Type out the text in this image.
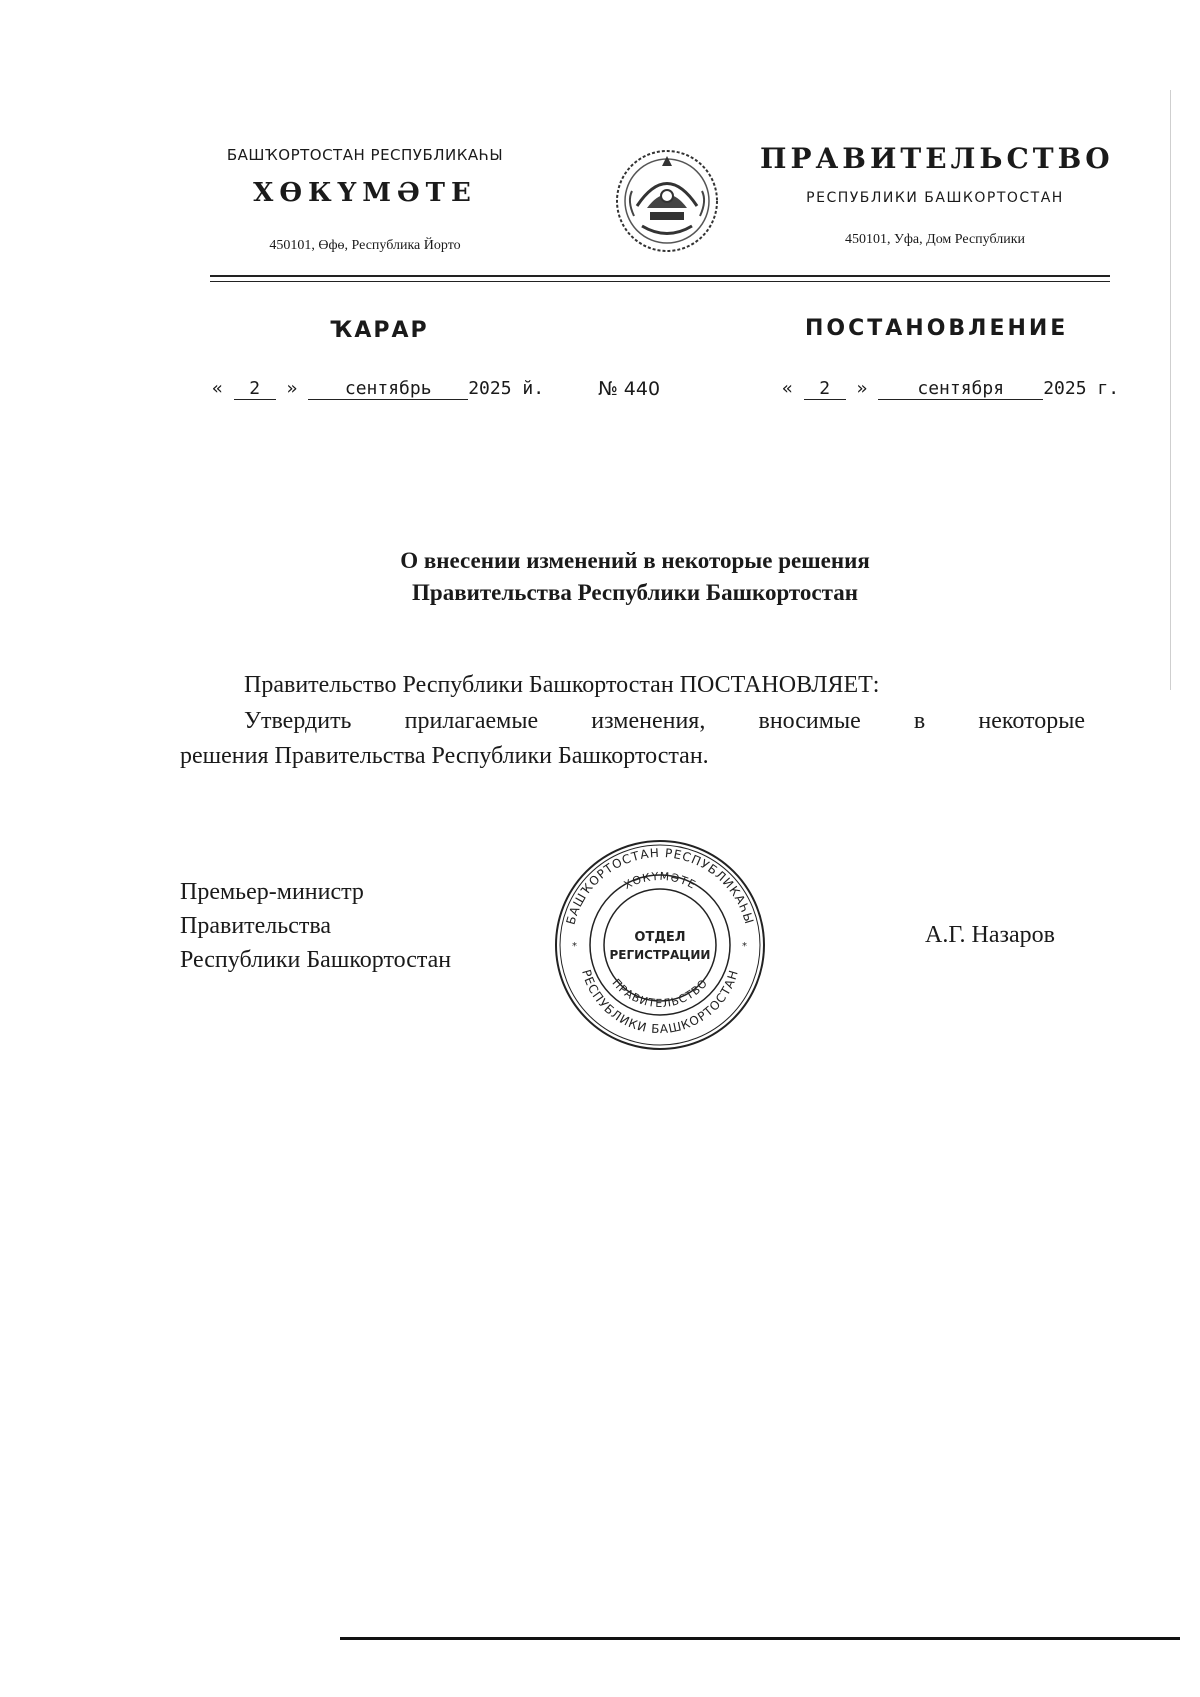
БАШҠОРТОСТАН РЕСПУБЛИКАҺЫ
ХӨКҮМӘТЕ
450101, Өфө, Республика Йорто
ПРАВИТЕЛЬСТВО
РЕСПУБЛИКИ БАШКОРТОСТАН
450101, Уфа, Дом Республики
ҠАРАР	ПОСТАНОВЛЕНИЕ
« 2 »	сентябрь 2025 й.	№ 440	« 2 »	сентября 2025 г.
О внесении изменений в некоторые решения
Правительства Республики Башкортостан
Правительство Республики Башкортостан ПОСТАНОВЛЯЕТ:
Утвердить прилагаемые изменения, вносимые в некоторые
решения Правительства Республики Башкортостан.
Премьер-министр
Правительства
Республики Башкортостан
А.Г. Назаров
БАШҠОРТОСТАН РЕСПУБЛИКАҺЫ
ХӨКҮМӘТЕ
ПРАВИТЕЛЬСТВО
РЕСПУБЛИКИ БАШКОРТОСТАН
ОТДЕЛ
РЕГИСТРАЦИИ
*	*
